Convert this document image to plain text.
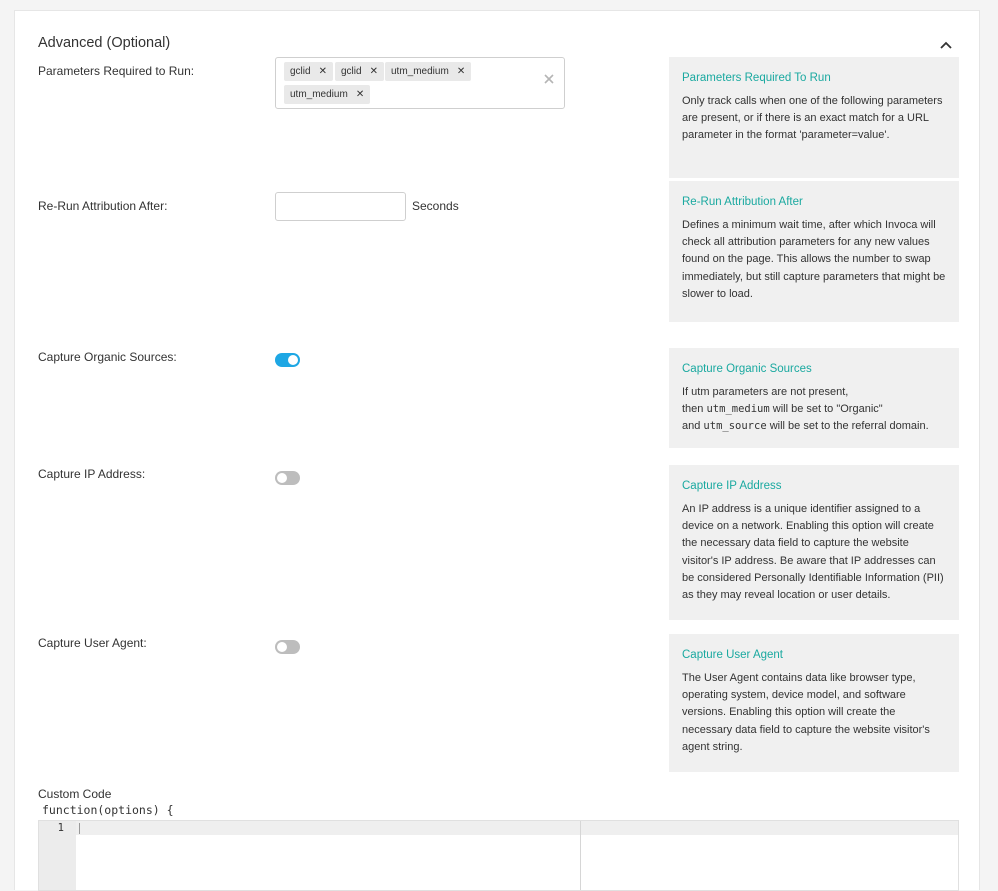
Advanced (Optional)
Parameters Required to Run:	gclid ✕	gclid ✕	utm_medium ✕
utm_medium ✕
Parameters Required To Run
Only track calls when one of the following parameters are present, or if there is an exact match for a URL parameter in the format 'parameter=value'.
Re-Run Attribution After:	Seconds	Re-Run Attribution After
Defines a minimum wait time, after which Invoca will check all attribution parameters for any new values found on the page. This allows the number to swap immediately, but still capture parameters that might be slower to load.
Capture Organic Sources:
Capture Organic Sources
If utm parameters are not present,
then utm_medium will be set to "Organic"
and utm_source will be set to the referral domain.
Capture IP Address:
Capture IP Address
An IP address is a unique identifier assigned to a device on a network. Enabling this option will create the necessary data field to capture the website visitor's IP address. Be aware that IP addresses can be considered Personally Identifiable Information (PII) as they may reveal location or user details.
Capture User Agent:
Capture User Agent
The User Agent contains data like browser type, operating system, device model, and software versions. Enabling this option will create the necessary data field to capture the website visitor's agent string.
Custom Code
function(options) {
1
